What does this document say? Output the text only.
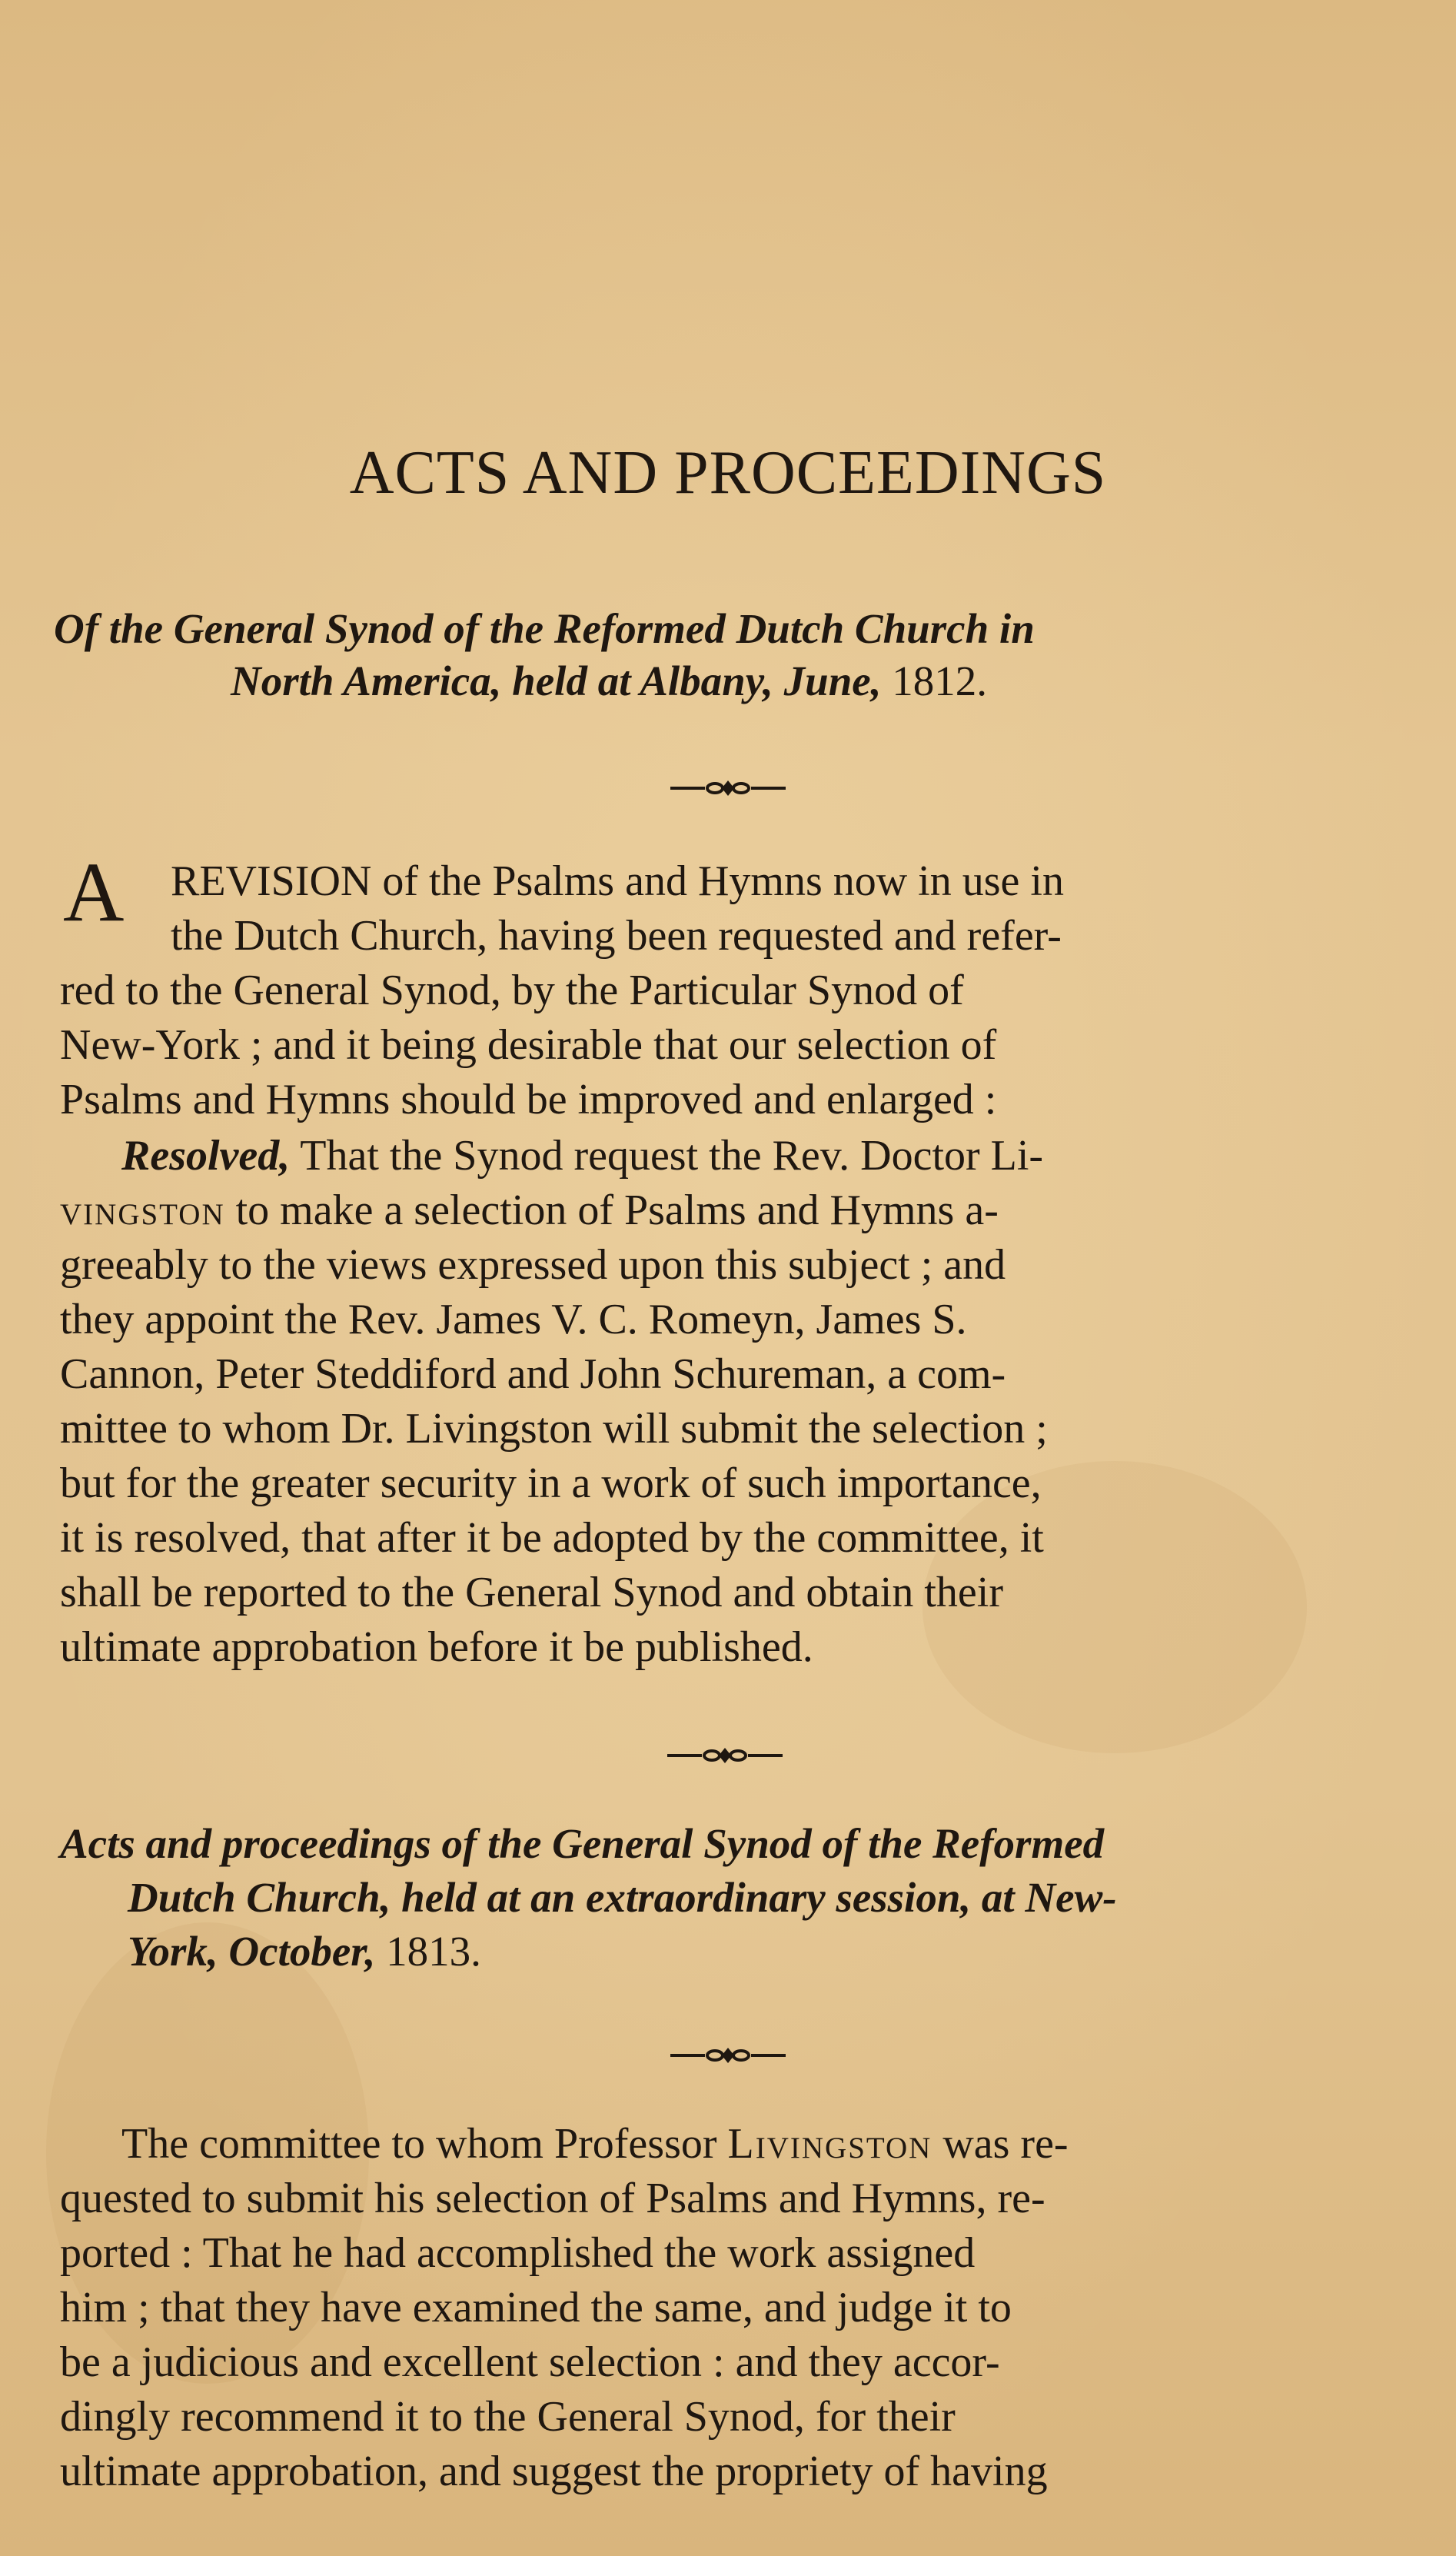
ACTS AND PROCEEDINGS
Of the General Synod of the Reformed Dutch Church in
North America, held at Albany, June, 1812.
A REVISION of the Psalms and Hymns now in use in
the Dutch Church, having been requested and refer-
red to the General Synod, by the Particular Synod of
New-York ; and it being desirable that our selection of
Psalms and Hymns should be improved and enlarged :
Resolved, That the Synod request the Rev. Doctor Li-
vingston to make a selection of Psalms and Hymns a-
greeably to the views expressed upon this subject ; and
they appoint the Rev. James V. C. Romeyn, James S.
Cannon, Peter Steddiford and John Schureman, a com-
mittee to whom Dr. Livingston will submit the selection ;
but for the greater security in a work of such importance,
it is resolved, that after it be adopted by the committee, it
shall be reported to the General Synod and obtain their
ultimate approbation before it be published.
Acts and proceedings of the General Synod of the Reformed
Dutch Church, held at an extraordinary session, at New-
York, October, 1813.
The committee to whom Professor Livingston was re-
quested to submit his selection of Psalms and Hymns, re-
ported : That he had accomplished the work assigned
him ; that they have examined the same, and judge it to
be a judicious and excellent selection : and they accor-
dingly recommend it to the General Synod, for their
ultimate approbation, and suggest the propriety of having
